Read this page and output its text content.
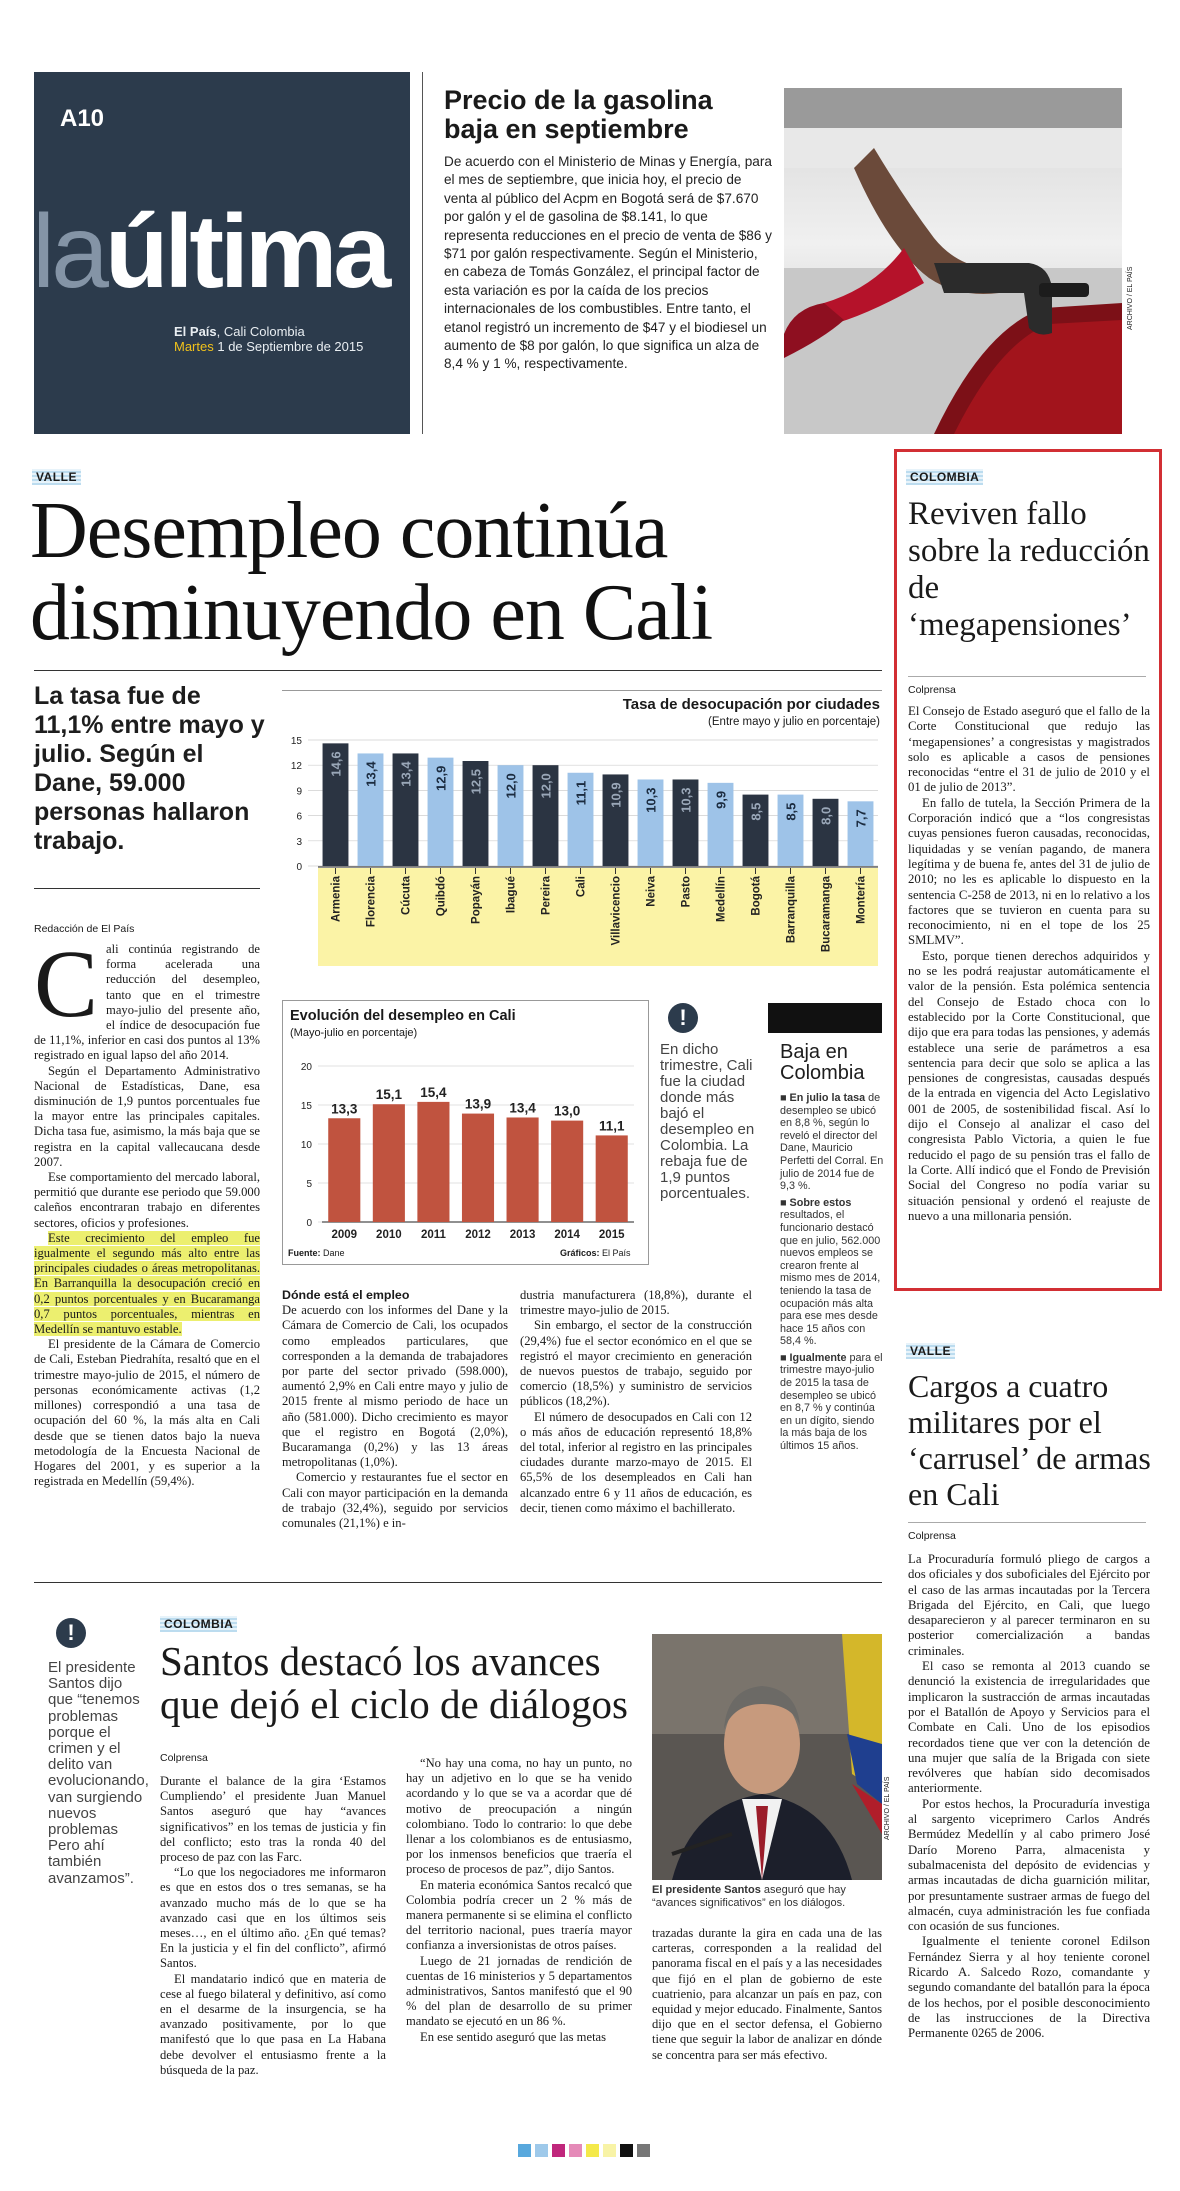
A10
laúltima
El País, Cali Colombia
Martes 1 de Septiembre de 2015
Precio de la gasolina baja en septiembre
De acuerdo con el Ministerio de Minas y Energía, para el mes de septiembre, que inicia hoy, el precio de venta al público del Acpm en Bogotá será de $7.670 por galón y el de gasolina de $8.141, lo que representa reducciones en el precio de venta de $86 y $71 por galón respectivamente. Según el Ministerio, en cabeza de Tomás González, el principal factor de esta variación es por la caída de los precios internacionales de los combustibles. Entre tanto, el etanol registró un incremento de $47 y el biodiesel un aumento de $8 por galón, lo que significa un alza de 8,4 % y 1 %, respectivamente.
ARCHIVO / EL PAÍS
VALLE
Desempleo continúa disminuyendo en Cali
La tasa fue de 11,1% entre mayo y julio. Según el Dane, 59.000 personas hallaron trabajo.
Tasa de desocupación por ciudades
(Entre mayo y julio en porcentaje)
15
12
9
6
3
0
14,6
Armenia
13,4
Florencia
13,4
Cúcuta
12,9
Quibdó
12,5
Popayán
12,0
Ibagué
12,0
Pereira
11,1
Cali
10,9
Villavicencio
10,3
Neiva
10,3
Pasto
9,9
Medellín
8,5
Bogotá
8,5
Barranquilla
8,0
Bucaramanga
7,7
Montería
Evolución del desempleo en Cali
(Mayo-julio en porcentaje)
20
15
10
5
0
13,3
2009
15,1
2010
15,4
2011
13,9
2012
13,4
2013
13,0
2014
11,1
2015
Fuente: Dane	Gráficos: El País
!
En dicho trimestre, Cali fue la ciudad donde más bajó el desempleo en Colombia. La rebaja fue de 1,9 puntos porcentuales.
Baja en Colombia
■ En julio la tasa de desempleo se ubicó en 8,8 %, según lo reveló el director del Dane, Mauricio Perfetti del Corral. En julio de 2014 fue de 9,3 %.
■ Sobre estos resultados, el funcionario destacó que en julio, 562.000 nuevos empleos se crearon frente al mismo mes de 2014, teniendo la tasa de ocupación más alta para ese mes desde hace 15 años con 58,4 %.
■ Igualmente para el trimestre mayo-julio de 2015 la tasa de desempleo se ubicó en 8,7 % y continúa en un dígito, siendo la más baja de los últimos 15 años.
Redacción de El País
C ali continúa registrando de forma acelerada una reducción del desempleo, tanto que en el trimestre mayo-julio del presente año, el índice de desocupación fue de 11,1%, inferior en casi dos puntos al 13% registrado en igual lapso del año 2014.

Según el Departamento Administrativo Nacional de Estadísticas, Dane, esa disminución de 1,9 puntos porcentuales fue la mayor entre las principales capitales. Dicha tasa fue, asimismo, la más baja que se registra en la capital vallecaucana desde 2007.

Ese comportamiento del mercado laboral, permitió que durante ese periodo que 59.000 caleños encontraran trabajo en diferentes sectores, oficios y profesiones.

Este crecimiento del empleo fue igualmente el segundo más alto entre las principales ciudades o áreas metropolitanas. En Barranquilla la desocupación creció en 0,2 puntos porcentuales y en Bucaramanga 0,7 puntos porcentuales, mientras en Medellín se mantuvo estable.

El presidente de la Cámara de Comercio de Cali, Esteban Piedrahíta, resaltó que en el trimestre mayo-julio de 2015, el número de personas económicamente activas (1,2 millones) correspondió a una tasa de ocupación del 60 %, la más alta en Cali desde que se tienen datos bajo la nueva metodología de la Encuesta Nacional de Hogares del 2001, y es superior a la registrada en Medellín (59,4%).

Dónde está el empleo

De acuerdo con los informes del Dane y la Cámara de Comercio de Cali, los ocupados como empleados particulares, que corresponden a la demanda de trabajadores por parte del sector privado (598.000), aumentó 2,9% en Cali entre mayo y julio de 2015 frente al mismo periodo de hace un año (581.000). Dicho crecimiento es mayor que el registro en Bogotá (2,0%), Bucaramanga (0,2%) y las 13 áreas metropolitanas (1,0%).

Comercio y restaurantes fue el sector en Cali con mayor participación en la demanda de trabajo (32,4%), seguido por servicios comunales (21,1%) e in-

dustria manufacturera (18,8%), durante el trimestre mayo-julio de 2015.

Sin embargo, el sector de la construcción (29,4%) fue el sector económico en el que se registró el mayor crecimiento en generación de nuevos puestos de trabajo, seguido por comercio (18,5%) y suministro de servicios públicos (18,2%).

El número de desocupados en Cali con 12 o más años de educación representó 18,8% del total, inferior al registro en las principales ciudades durante marzo-mayo de 2015. El 65,5% de los desempleados en Cali han alcanzado entre 6 y 11 años de educación, es decir, tienen como máximo el bachillerato.

COLOMBIA
Reviven fallo sobre la reducción de ‘megapensiones’
Colprensa

El Consejo de Estado aseguró que el fallo de la Corte Constitucional que redujo las ‘megapensiones’ a congresistas y magistrados solo es aplicable a casos de pensiones reconocidas “entre el 31 de julio de 2010 y el 01 de julio de 2013”.

En fallo de tutela, la Sección Primera de la Corporación indicó que a “los congresistas cuyas pensiones fueron causadas, reconocidas, liquidadas y se venían pagando, de manera legítima y de buena fe, antes del 31 de julio de 2010; no les es aplicable lo dispuesto en la sentencia C-258 de 2013, ni en lo relativo a los factores que se tuvieron en cuenta para su reconocimiento, ni en el tope de los 25 SMLMV”.

Esto, porque tienen derechos adquiridos y no se les podrá reajustar automáticamente el valor de la pensión. Esta polémica sentencia del Consejo de Estado choca con lo establecido por la Corte Constitucional, que dijo que era para todas las pensiones, y además establece una serie de parámetros a esa sentencia para decir que solo se aplica a las pensiones de congresistas, causadas después de la entrada en vigencia del Acto Legislativo 001 de 2005, de sostenibilidad fiscal. Así lo dijo el Consejo al analizar el caso del congresista Pablo Victoria, a quien le fue reducido el pago de su pensión tras el fallo de la Corte. Allí indicó que el Fondo de Previsión Social del Congreso no podía variar su situación pensional y ordenó el reajuste de nuevo a una millonaria pensión.

VALLE
Cargos a cuatro militares por el ‘carrusel’ de armas en Cali
Colprensa

La Procuraduría formuló pliego de cargos a dos oficiales y dos suboficiales del Ejército por el caso de las armas incautadas por la Tercera Brigada del Ejército, en Cali, que luego desaparecieron y al parecer terminaron en su posterior comercialización a bandas criminales.

El caso se remonta al 2013 cuando se denunció la existencia de irregularidades que implicaron la sustracción de armas incautadas por el Batallón de Apoyo y Servicios para el Combate en Cali. Uno de los episodios recordados tiene que ver con la detención de una mujer que salía de la Brigada con siete revólveres que habían sido decomisados anteriormente.

Por estos hechos, la Procuraduría investiga al sargento viceprimero Carlos Andrés Bermúdez Medellín y al cabo primero José Darío Moreno Parra, almacenista y subalmacenista del depósito de evidencias y armas incautadas de dicha guarnición militar, por presuntamente sustraer armas de fuego del almacén, cuya administración les fue confiada con ocasión de sus funciones.

Igualmente el teniente coronel Edilson Fernández Sierra y al hoy teniente coronel Ricardo A. Salcedo Rozo, comandante y segundo comandante del batallón para la época de los hechos, por el posible desconocimiento de las instrucciones de la Directiva Permanente 0265 de 2006.

!
El presidente Santos dijo que “tenemos problemas porque el crimen y el delito van evolucionando, van surgiendo nuevos problemas Pero ahí también avanzamos”.
COLOMBIA
Santos destacó los avances que dejó el ciclo de diálogos
Colprensa

Durante el balance de la gira ‘Estamos Cumpliendo’ el presidente Juan Manuel Santos aseguró que hay “avances significativos” en los temas de justicia y fin del conflicto; esto tras la ronda 40 del proceso de paz con las Farc.

“Lo que los negociadores me informaron es que en estos dos o tres semanas, se ha avanzado mucho más de lo que se ha avanzado casi que en los últimos seis meses…, en el último año. ¿En qué temas? En la justicia y el fin del conflicto”, afirmó Santos.

El mandatario indicó que en materia de cese al fuego bilateral y definitivo, así como en el desarme de la insurgencia, se ha avanzado positivamente, por lo que manifestó que lo que pasa en La Habana debe devolver el entusiasmo frente a la búsqueda de la paz.

“No hay una coma, no hay un punto, no hay un adjetivo en lo que se ha venido acordando y lo que se va a acordar que dé motivo de preocupación a ningún colombiano. Todo lo contrario: lo que debe llenar a los colombianos es de entusiasmo, por los inmensos beneficios que traería el proceso de procesos de paz”, dijo Santos.

En materia económica Santos recalcó que Colombia podría crecer un 2 % más de manera permanente si se elimina el conflicto del territorio nacional, pues traería mayor confianza a inversionistas de otros países.

Luego de 21 jornadas de rendición de cuentas de 16 ministerios y 5 departamentos administrativos, Santos manifestó que el 90 % del plan de desarrollo de su primer mandato se ejecutó en un 86 %.

En ese sentido aseguró que las metas

ARCHIVO / EL PAÍS
El presidente Santos aseguró que hay “avances significativos” en los diálogos.

trazadas durante la gira en cada una de las carteras, corresponden a la realidad del panorama fiscal en el país y a las necesidades que fijó en el plan de gobierno de este cuatrienio, para alcanzar un país en paz, con equidad y mejor educado. Finalmente, Santos dijo que en el sector defensa, el Gobierno tiene que seguir la labor de analizar en dónde se concentra para ser más efectivo.
